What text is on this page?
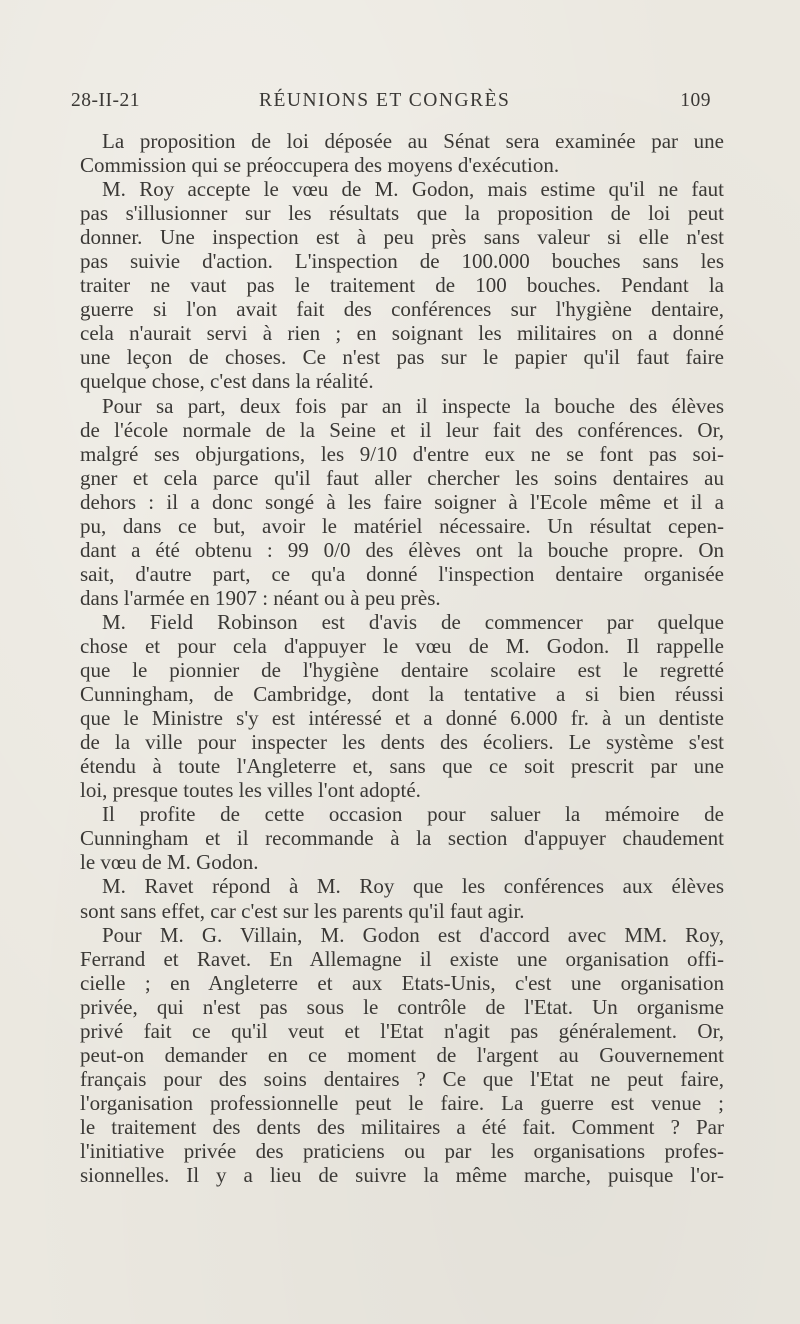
28-II-21	RÉUNIONS ET CONGRÈS	109
La proposition de loi déposée au Sénat sera examinée par une
Commission qui se préoccupera des moyens d'exécution.
M. Roy accepte le vœu de M. Godon, mais estime qu'il ne faut
pas s'illusionner sur les résultats que la proposition de loi peut
donner. Une inspection est à peu près sans valeur si elle n'est
pas suivie d'action. L'inspection de 100.000 bouches sans les
traiter ne vaut pas le traitement de 100 bouches. Pendant la
guerre si l'on avait fait des conférences sur l'hygiène dentaire,
cela n'aurait servi à rien ; en soignant les militaires on a donné
une leçon de choses. Ce n'est pas sur le papier qu'il faut faire
quelque chose, c'est dans la réalité.
Pour sa part, deux fois par an il inspecte la bouche des élèves
de l'école normale de la Seine et il leur fait des conférences. Or,
malgré ses objurgations, les 9/10 d'entre eux ne se font pas soi-
gner et cela parce qu'il faut aller chercher les soins dentaires au
dehors : il a donc songé à les faire soigner à l'Ecole même et il a
pu, dans ce but, avoir le matériel nécessaire. Un résultat cepen-
dant a été obtenu : 99 0/0 des élèves ont la bouche propre. On
sait, d'autre part, ce qu'a donné l'inspection dentaire organisée
dans l'armée en 1907 : néant ou à peu près.
M. Field Robinson est d'avis de commencer par quelque
chose et pour cela d'appuyer le vœu de M. Godon. Il rappelle
que le pionnier de l'hygiène dentaire scolaire est le regretté
Cunningham, de Cambridge, dont la tentative a si bien réussi
que le Ministre s'y est intéressé et a donné 6.000 fr. à un dentiste
de la ville pour inspecter les dents des écoliers. Le système s'est
étendu à toute l'Angleterre et, sans que ce soit prescrit par une
loi, presque toutes les villes l'ont adopté.
Il profite de cette occasion pour saluer la mémoire de
Cunningham et il recommande à la section d'appuyer chaudement
le vœu de M. Godon.
M. Ravet répond à M. Roy que les conférences aux élèves
sont sans effet, car c'est sur les parents qu'il faut agir.
Pour M. G. Villain, M. Godon est d'accord avec MM. Roy,
Ferrand et Ravet. En Allemagne il existe une organisation offi-
cielle ; en Angleterre et aux Etats-Unis, c'est une organisation
privée, qui n'est pas sous le contrôle de l'Etat. Un organisme
privé fait ce qu'il veut et l'Etat n'agit pas généralement. Or,
peut-on demander en ce moment de l'argent au Gouvernement
français pour des soins dentaires ? Ce que l'Etat ne peut faire,
l'organisation professionnelle peut le faire. La guerre est venue ;
le traitement des dents des militaires a été fait. Comment ? Par
l'initiative privée des praticiens ou par les organisations profes-
sionnelles. Il y a lieu de suivre la même marche, puisque l'or-
